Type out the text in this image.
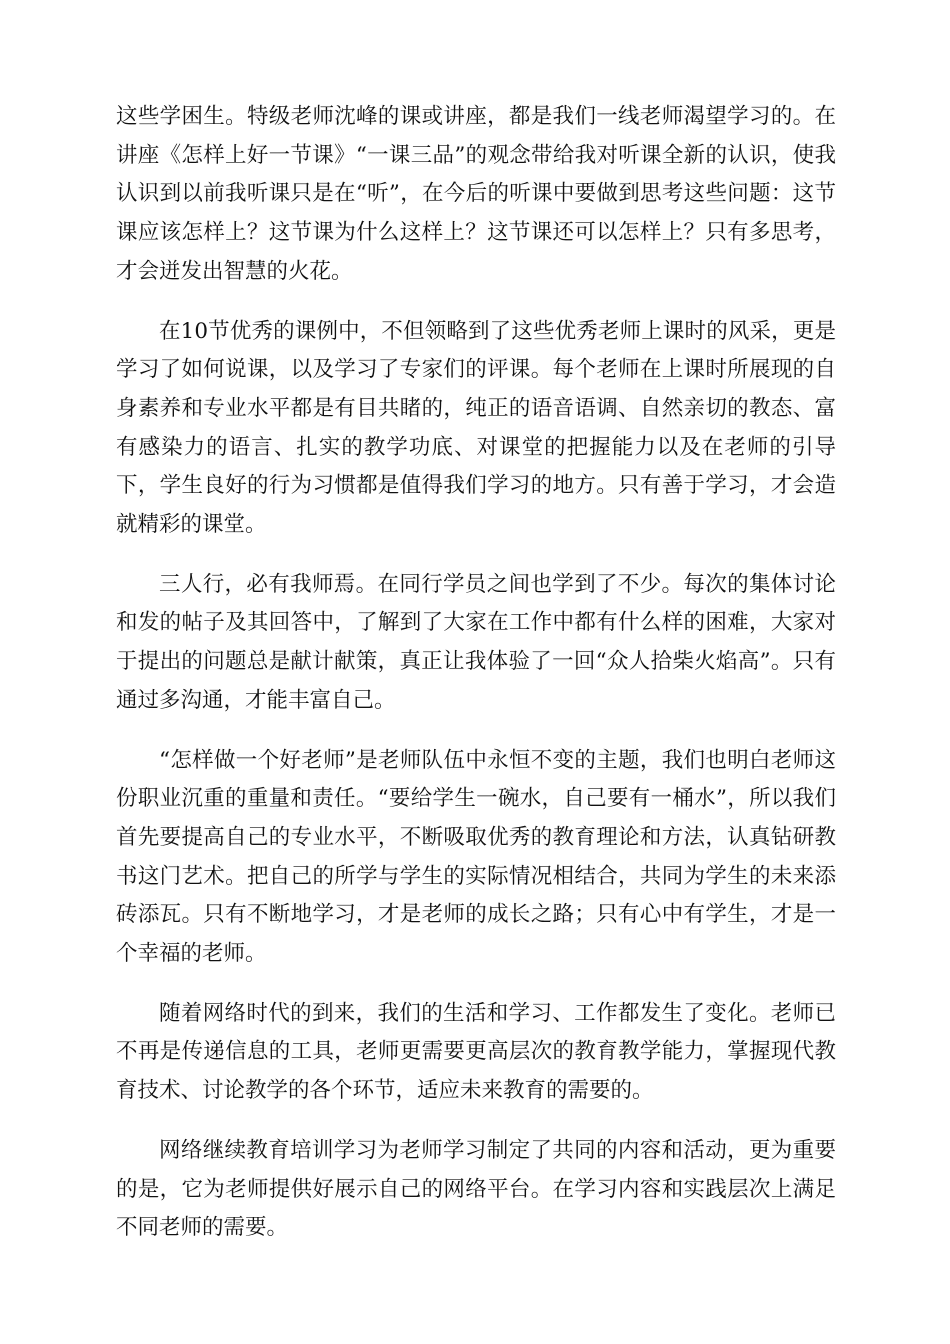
这些学困生。特级老师沈峰的课或讲座，都是我们一线老师渴望学习的。在讲座《怎样上好一节课》“一课三品”的观念带给我对听课全新的认识，使我认识到以前我听课只是在“听”，在今后的听课中要做到思考这些问题：这节课应该怎样上？这节课为什么这样上？这节课还可以怎样上？只有多思考，才会迸发出智慧的火花。

在10节优秀的课例中，不但领略到了这些优秀老师上课时的风采，更是学习了如何说课，以及学习了专家们的评课。每个老师在上课时所展现的自身素养和专业水平都是有目共睹的，纯正的语音语调、自然亲切的教态、富有感染力的语言、扎实的教学功底、对课堂的把握能力以及在老师的引导下，学生良好的行为习惯都是值得我们学习的地方。只有善于学习，才会造就精彩的课堂。

三人行，必有我师焉。在同行学员之间也学到了不少。每次的集体讨论和发的帖子及其回答中，了解到了大家在工作中都有什么样的困难，大家对于提出的问题总是献计献策，真正让我体验了一回“众人拾柴火焰高”。只有通过多沟通，才能丰富自己。

“怎样做一个好老师”是老师队伍中永恒不变的主题，我们也明白老师这份职业沉重的重量和责任。“要给学生一碗水，自己要有一桶水”，所以我们首先要提高自己的专业水平，不断吸取优秀的教育理论和方法，认真钻研教书这门艺术。把自己的所学与学生的实际情况相结合，共同为学生的未来添砖添瓦。只有不断地学习，才是老师的成长之路；只有心中有学生，才是一个幸福的老师。

随着网络时代的到来，我们的生活和学习、工作都发生了变化。老师已不再是传递信息的工具，老师更需要更高层次的教育教学能力，掌握现代教育技术、讨论教学的各个环节，适应未来教育的需要的。

网络继续教育培训学习为老师学习制定了共同的内容和活动，更为重要的是，它为老师提供好展示自己的网络平台。在学习内容和实践层次上满足不同老师的需要。
